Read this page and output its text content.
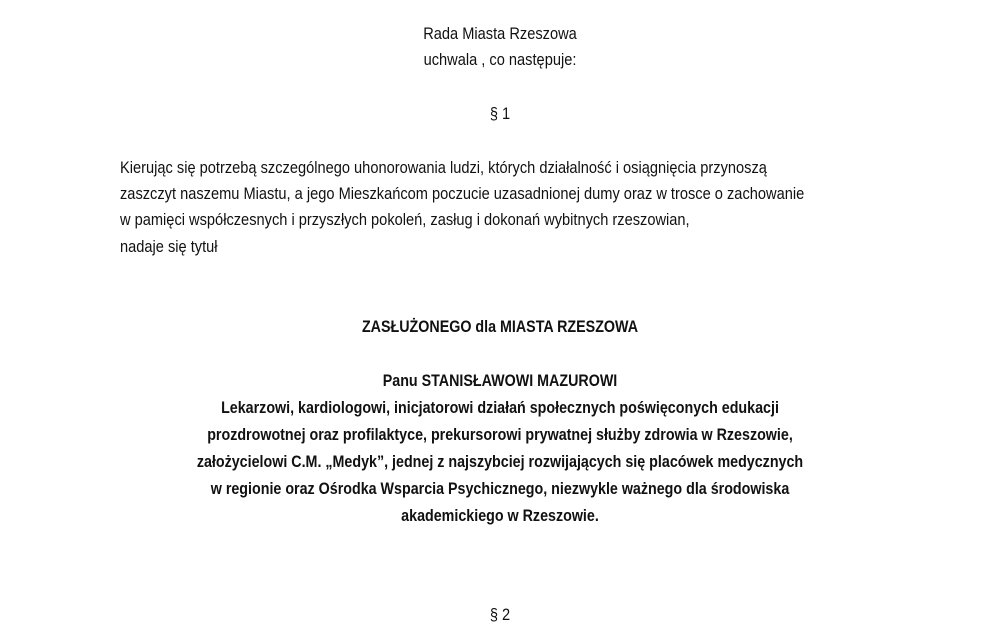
Rada Miasta Rzeszowa
uchwala , co następuje:
§ 1
Kierując się potrzebą szczególnego uhonorowania ludzi, których działalność i osiągnięcia przynoszą
zaszczyt naszemu Miastu, a jego Mieszkańcom poczucie uzasadnionej dumy oraz w trosce o zachowanie
w pamięci współczesnych i przyszłych pokoleń, zasług i dokonań wybitnych rzeszowian,
nadaje się tytuł
ZASŁUŻONEGO dla MIASTA RZESZOWA
Panu STANISŁAWOWI MAZUROWI
Lekarzowi, kardiologowi, inicjatorowi działań społecznych poświęconych edukacji
prozdrowotnej oraz profilaktyce, prekursorowi prywatnej służby zdrowia w Rzeszowie,
założycielowi C.M. „Medyk”, jednej z najszybciej rozwijających się placówek medycznych
w regionie oraz Ośrodka Wsparcia Psychicznego, niezwykle ważnego dla środowiska
akademickiego w Rzeszowie.
§ 2
